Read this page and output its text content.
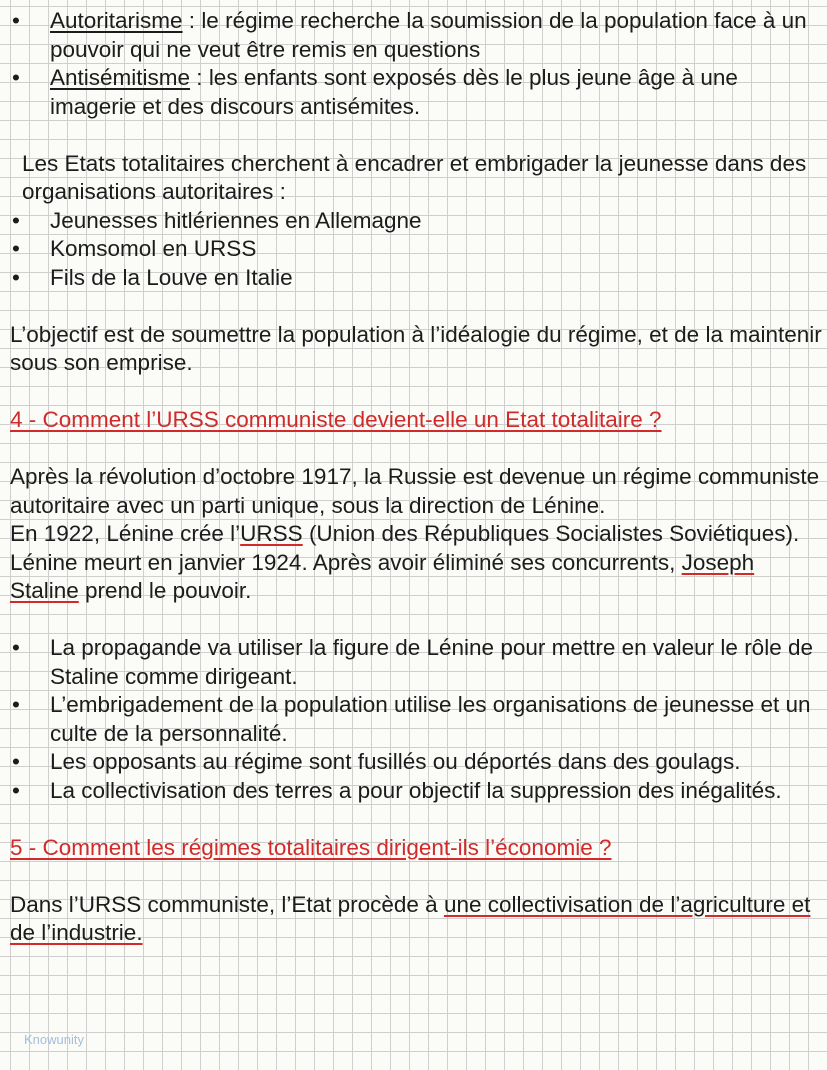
•	Autoritarisme : le régime recherche la soumission de la population face à un pouvoir qui ne veut être remis en questions
•	Antisémitisme : les enfants sont exposés dès le plus jeune âge à une imagerie et des discours antisémites.

Les Etats totalitaires cherchent à encadrer et embrigader la jeunesse dans des organisations autoritaires :

•	Jeunesses hitlériennes en Allemagne
•	Komsomol en URSS
•	Fils de la Louve en Italie

L’objectif est de soumettre la population à l’idéalogie du régime, et de la maintenir sous son emprise.

4 - Comment l’URSS communiste devient-elle un Etat totalitaire ?

Après la révolution d’octobre 1917, la Russie est devenue un régime communiste autoritaire avec un parti unique, sous la direction de Lénine.

En 1922, Lénine crée l’URSS (Union des Républiques Socialistes Soviétiques).

Lénine meurt en janvier 1924. Après avoir éliminé ses concurrents, Joseph Staline prend le pouvoir.

•	La propagande va utiliser la figure de Lénine pour mettre en valeur le rôle de Staline comme dirigeant.
•	L’embrigadement de la population utilise les organisations de jeunesse et un culte de la personnalité.
•	Les opposants au régime sont fusillés ou déportés dans des goulags.
•	La collectivisation des terres a pour objectif la suppression des inégalités.

5 - Comment les régimes totalitaires dirigent-ils l’économie ?

Dans l’URSS communiste, l’Etat procède à une collectivisation de l’agriculture et de l’industrie.

Knowunity
